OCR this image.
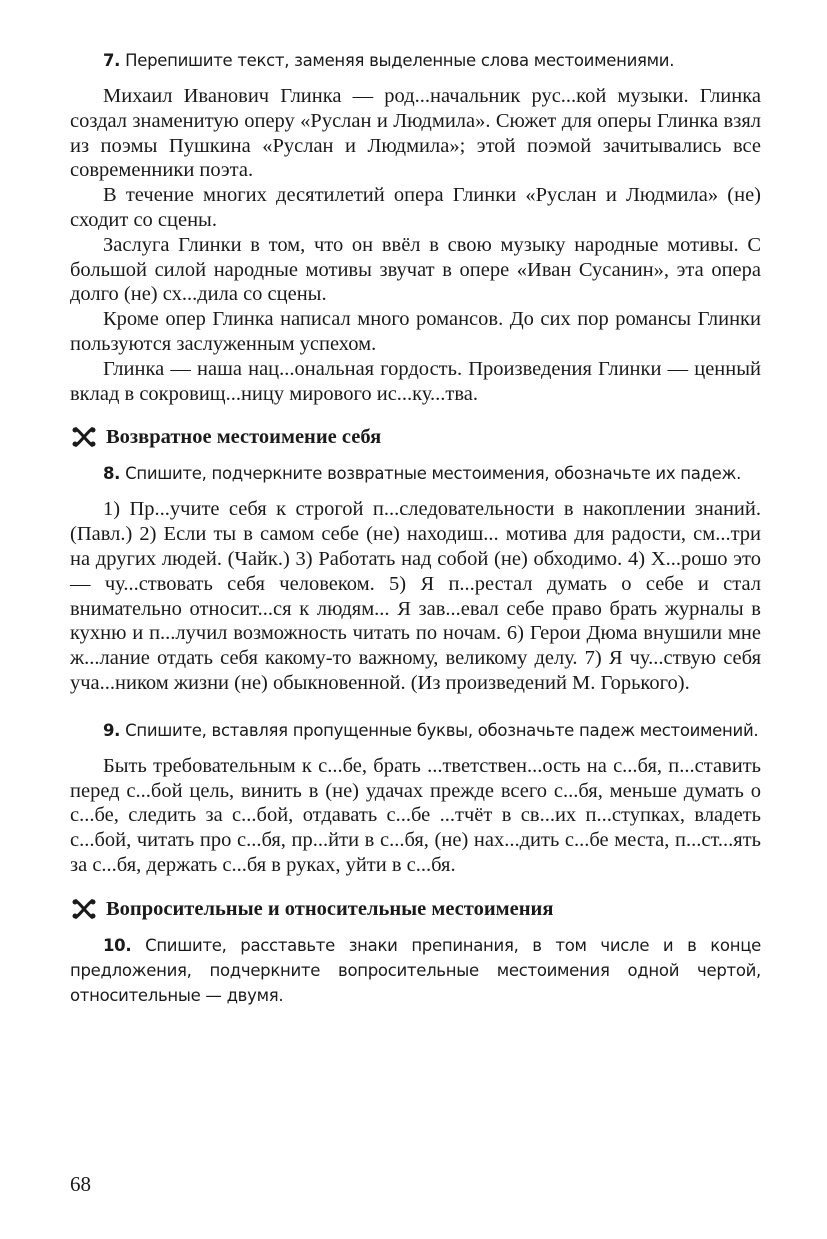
7. Перепишите текст, заменяя выделенные слова местоимениями.

Михаил Иванович Глинка — род...начальник рус...кой музыки. Глинка создал знаменитую оперу «Руслан и Людмила». Сюжет для оперы Глинка взял из поэмы Пушкина «Руслан и Людмила»; этой поэмой зачитывались все современники поэта.

В течение многих десятилетий опера Глинки «Руслан и Людмила» (не) сходит со сцены.

Заслуга Глинки в том, что он ввёл в свою музыку народные мотивы. С большой силой народные мотивы звучат в опере «Иван Сусанин», эта опера долго (не) сх...дила со сцены.

Кроме опер Глинка написал много романсов. До сих пор романсы Глинки пользуются заслуженным успехом.

Глинка — наша нац...ональная гордость. Произведения Глинки — ценный вклад в сокровищ...ницу мирового ис...ку...тва.

Возвратное местоимение себя

8. Спишите, подчеркните возвратные местоимения, обозначьте их падеж.

1) Пр...учите себя к строгой п...следовательности в накоплении знаний. (Павл.) 2) Если ты в самом себе (не) находиш... мотива для радости, см...три на других людей. (Чайк.) 3) Работать над собой (не) обходимо. 4) Х...рошо это — чу...ствовать себя человеком. 5) Я п...рестал думать о себе и стал внимательно относит...ся к людям... Я зав...евал себе право брать журналы в кухню и п...лучил возможность читать по ночам. 6) Герои Дюма внушили мне ж...лание отдать себя какому-то важному, великому делу. 7) Я чу...ствую себя уча...ником жизни (не) обыкновенной. (Из произведений М. Горького).

9. Спишите, вставляя пропущенные буквы, обозначьте падеж местоимений.

Быть требовательным к с...бе, брать ...тветствен...ость на с...бя, п...ставить перед с...бой цель, винить в (не) удачах прежде всего с...бя, меньше думать о с...бе, следить за с...бой, отдавать с...бе ...тчёт в св...их п...ступках, владеть с...бой, читать про с...бя, пр...йти в с...бя, (не) нах...дить с...бе места, п...ст...ять за с...бя, держать с...бя в руках, уйти в с...бя.

Вопросительные и относительные местоимения

10. Спишите, расставьте знаки препинания, в том числе и в конце предложения, подчеркните вопросительные местоимения одной чертой, относительные — двумя.

68
